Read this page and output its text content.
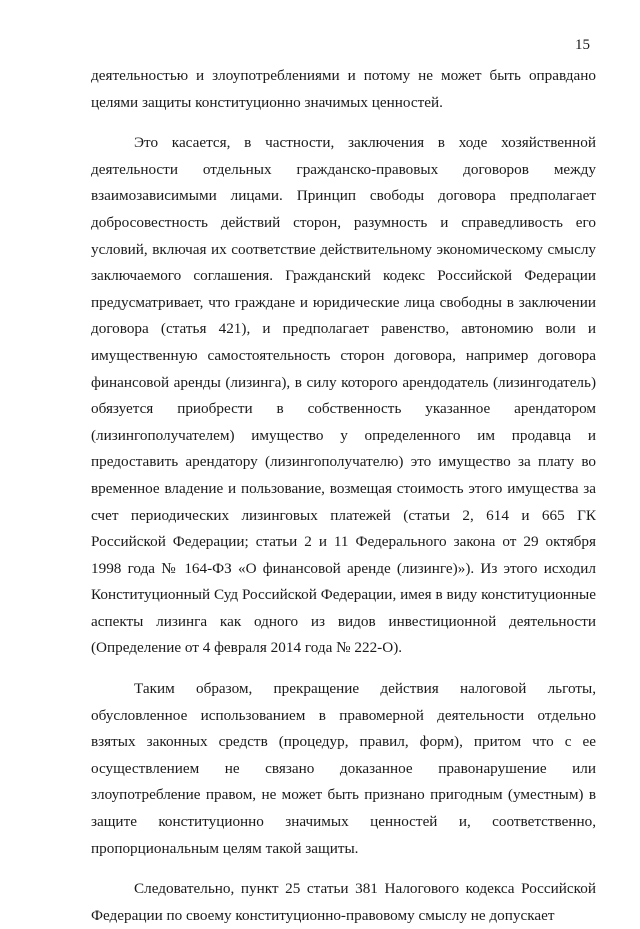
15

деятельностью и злоупотреблениями и потому не может быть оправдано целями защиты конституционно значимых ценностей.

Это касается, в частности, заключения в ходе хозяйственной деятельности отдельных гражданско-правовых договоров между взаимозависимыми лицами. Принцип свободы договора предполагает добросовестность действий сторон, разумность и справедливость его условий, включая их соответствие действительному экономическому смыслу заключаемого соглашения. Гражданский кодекс Российской Федерации предусматривает, что граждане и юридические лица свободны в заключении договора (статья 421), и предполагает равенство, автономию воли и имущественную самостоятельность сторон договора, например договора финансовой аренды (лизинга), в силу которого арендодатель (лизингодатель) обязуется приобрести в собственность указанное арендатором (лизингополучателем) имущество у определенного им продавца и предоставить арендатору (лизингополучателю) это имущество за плату во временное владение и пользование, возмещая стоимость этого имущества за счет периодических лизинговых платежей (статьи 2, 614 и 665 ГК Российской Федерации; статьи 2 и 11 Федерального закона от 29 октября 1998 года № 164-ФЗ «О финансовой аренде (лизинге)»). Из этого исходил Конституционный Суд Российской Федерации, имея в виду конституционные аспекты лизинга как одного из видов инвестиционной деятельности (Определение от 4 февраля 2014 года № 222-О).

Таким образом, прекращение действия налоговой льготы, обусловленное использованием в правомерной деятельности отдельно взятых законных средств (процедур, правил, форм), притом что с ее осуществлением не связано доказанное правонарушение или злоупотребление правом, не может быть признано пригодным (уместным) в защите конституционно значимых ценностей и, соответственно, пропорциональным целям такой защиты.

Следовательно, пункт 25 статьи 381 Налогового кодекса Российской Федерации по своему конституционно-правовому смыслу не допускает
